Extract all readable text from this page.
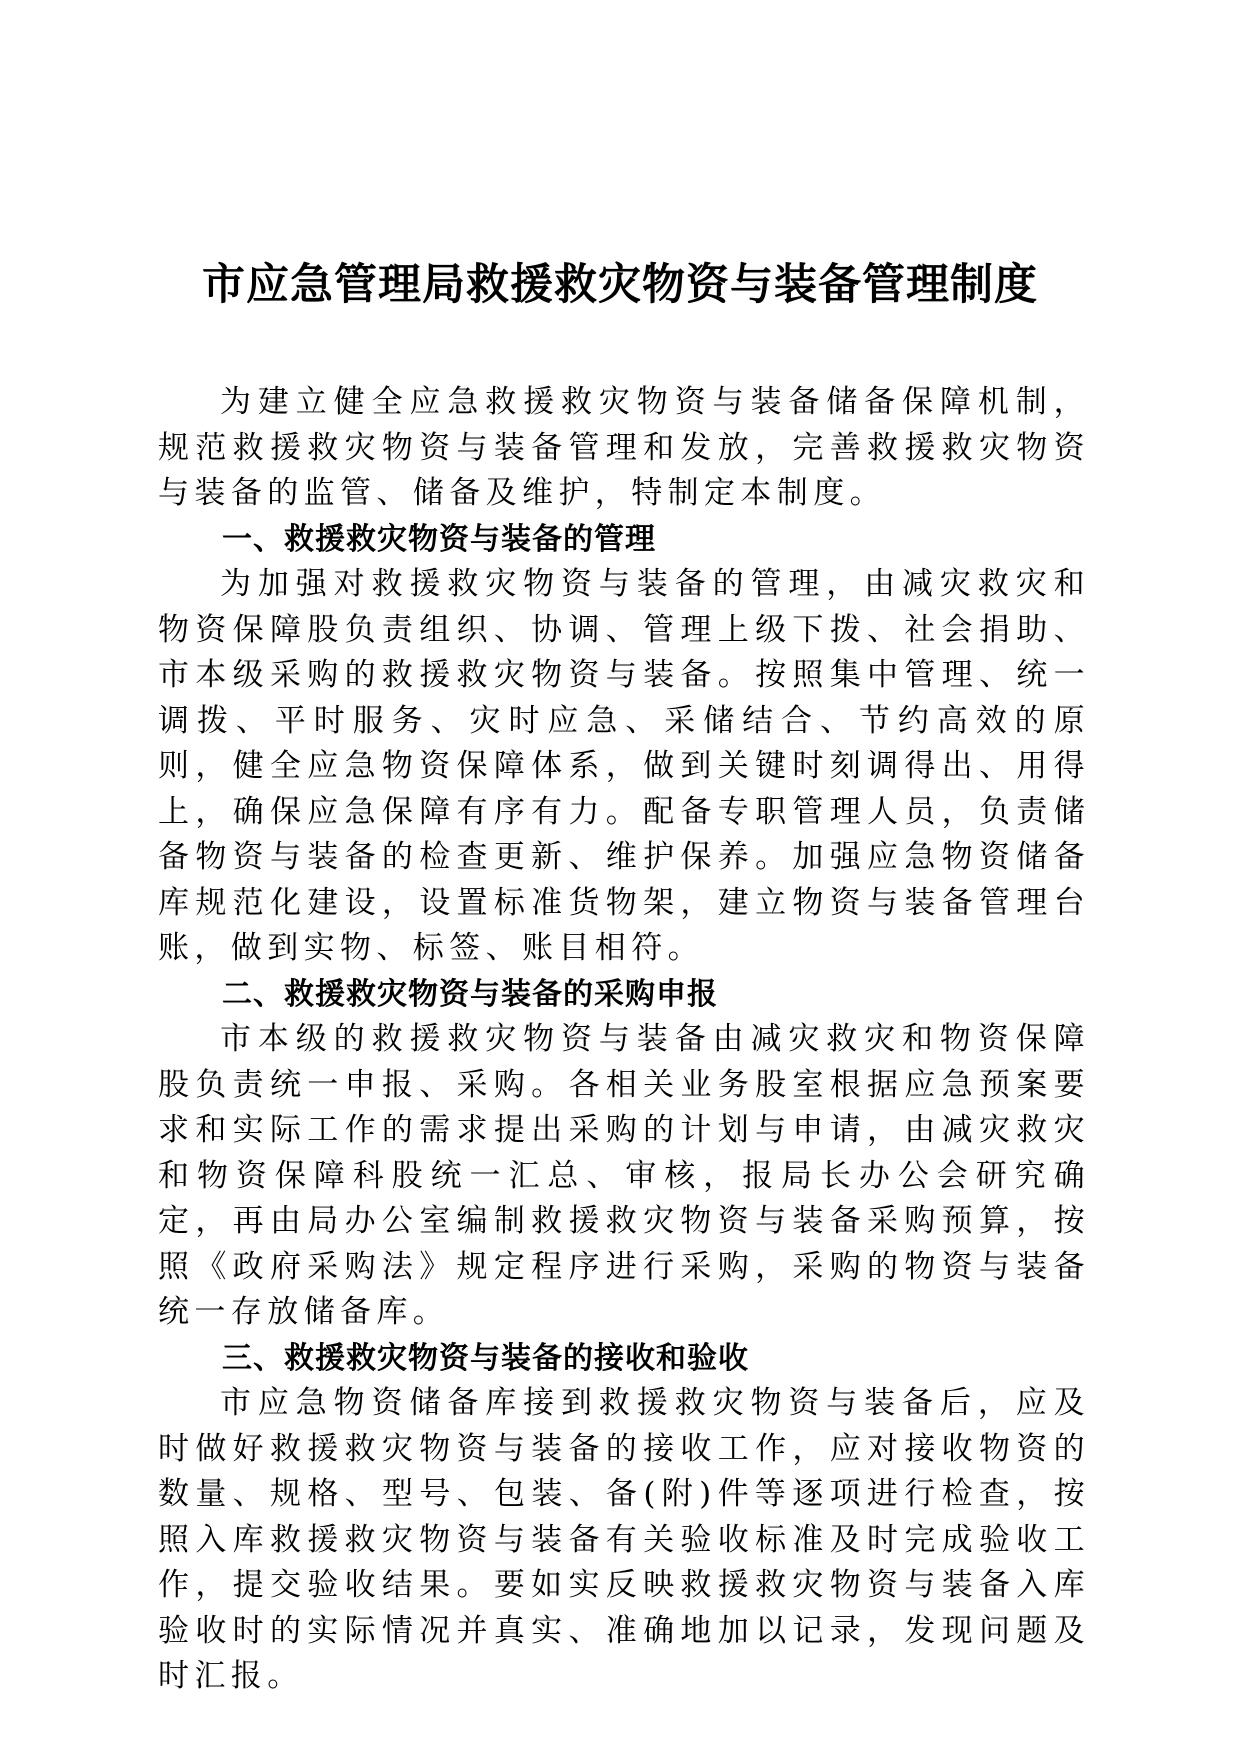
市应急管理局救援救灾物资与装备管理制度

为建立健全应急救援救灾物资与装备储备保障机制，规范救援救灾物资与装备管理和发放，完善救援救灾物资与装备的监管、储备及维护，特制定本制度。

一、救援救灾物资与装备的管理

为加强对救援救灾物资与装备的管理，由减灾救灾和物资保障股负责组织、协调、管理上级下拨、社会捐助、市本级采购的救援救灾物资与装备。按照集中管理、统一调拨、平时服务、灾时应急、采储结合、节约高效的原则，健全应急物资保障体系，做到关键时刻调得出、用得上，确保应急保障有序有力。配备专职管理人员，负责储备物资与装备的检查更新、维护保养。加强应急物资储备库规范化建设，设置标准货物架，建立物资与装备管理台账，做到实物、标签、账目相符。

二、救援救灾物资与装备的采购申报

市本级的救援救灾物资与装备由减灾救灾和物资保障股负责统一申报、采购。各相关业务股室根据应急预案要求和实际工作的需求提出采购的计划与申请，由减灾救灾和物资保障科股统一汇总、审核，报局长办公会研究确定，再由局办公室编制救援救灾物资与装备采购预算，按照《政府采购法》规定程序进行采购，采购的物资与装备统一存放储备库。

三、救援救灾物资与装备的接收和验收

市应急物资储备库接到救援救灾物资与装备后，应及时做好救援救灾物资与装备的接收工作，应对接收物资的数量、规格、型号、包装、备(附)件等逐项进行检查，按照入库救援救灾物资与装备有关验收标准及时完成验收工作，提交验收结果。要如实反映救援救灾物资与装备入库验收时的实际情况并真实、准确地加以记录，发现问题及时汇报。
